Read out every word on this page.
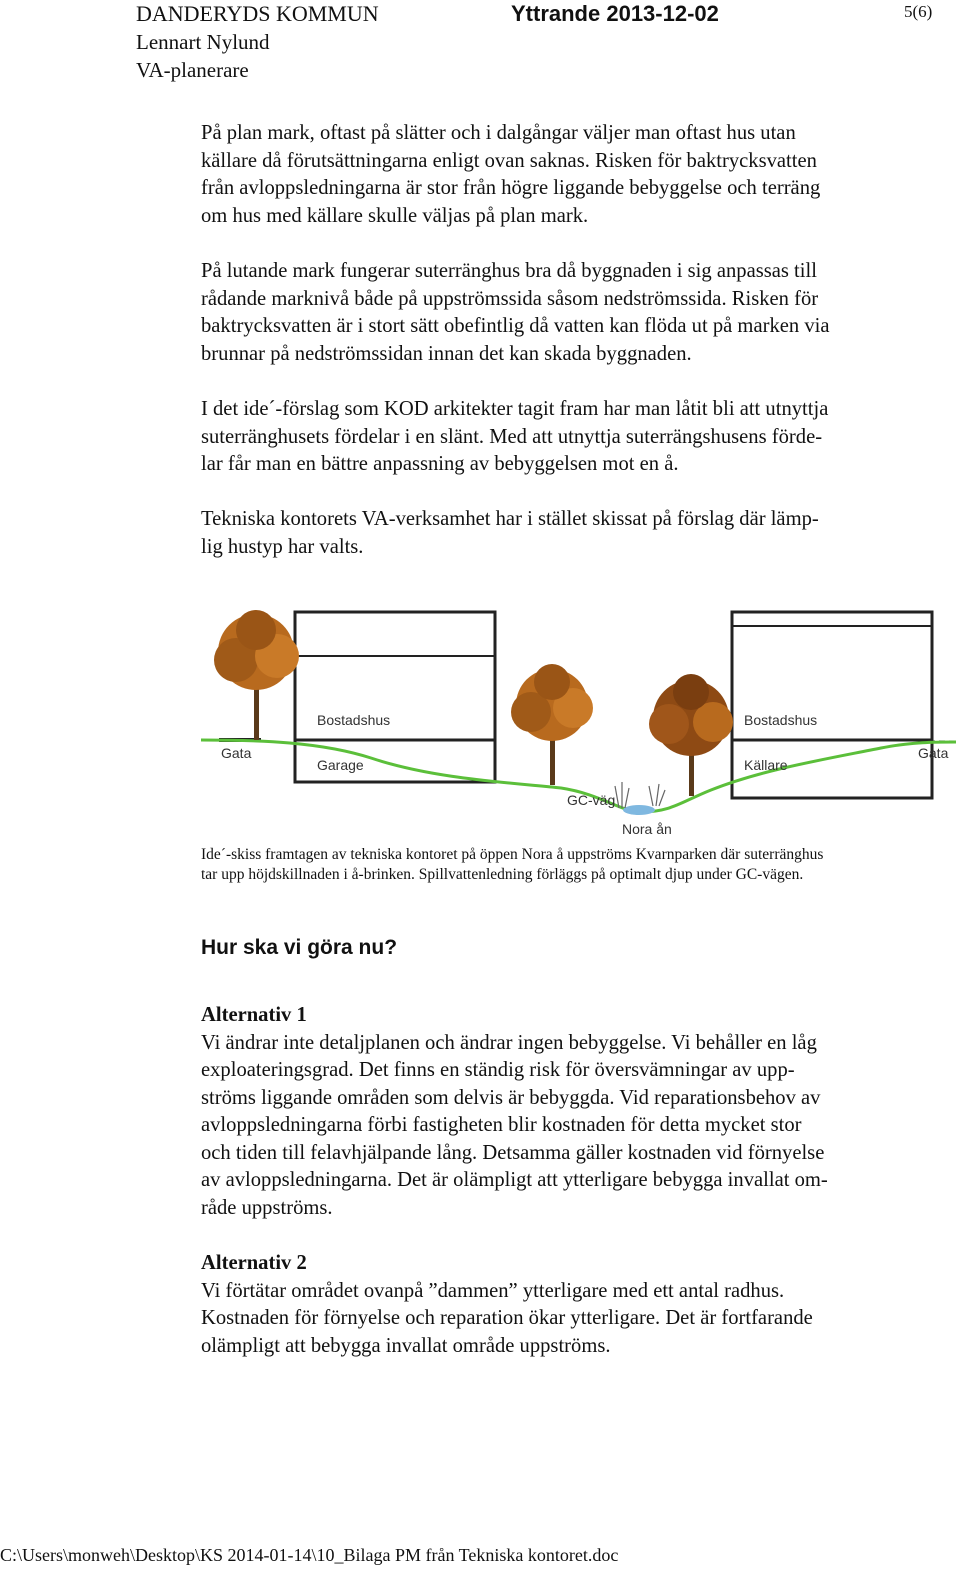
DANDERYDS KOMMUN
Lennart Nylund
VA-planerare
Yttrande 2013-12-02	5(6)

På plan mark, oftast på slätter och i dalgångar väljer man oftast hus utan

källare då förutsättningarna enligt ovan saknas. Risken för baktrycksvatten

från avloppsledningarna är stor från högre liggande bebyggelse och terräng

om hus med källare skulle väljas på plan mark.

På lutande mark fungerar suterränghus bra då byggnaden i sig anpassas till

rådande marknivå både på uppströmssida såsom nedströmssida. Risken för

baktrycksvatten är i stort sätt obefintlig då vatten kan flöda ut på marken via

brunnar på nedströmssidan innan det kan skada byggnaden.

I det ide´-förslag som KOD arkitekter tagit fram har man låtit bli att utnyttja

suterränghusets fördelar i en slänt. Med att utnyttja suterrängshusens förde-

lar får man en bättre anpassning av bebyggelsen mot en å.

Tekniska kontorets VA-verksamhet har i stället skissat på förslag där lämp-

lig hustyp har valts.

Bostadshus
Garage
Gata
GC-väg
Nora ån
Bostadshus
Källare
Gata

Ide´-skiss framtagen av tekniska kontoret på öppen Nora å uppströms Kvarnparken där suterränghus

tar upp höjdskillnaden i å-brinken. Spillvattenledning förläggs på optimalt djup under GC-vägen.

Hur ska vi göra nu?

Alternativ 1

Vi ändrar inte detaljplanen och ändrar ingen bebyggelse. Vi behåller en låg

exploateringsgrad. Det finns en ständig risk för översvämningar av upp-

ströms liggande områden som delvis är bebyggda. Vid reparationsbehov av

avloppsledningarna förbi fastigheten blir kostnaden för detta mycket stor

och tiden till felavhjälpande lång. Detsamma gäller kostnaden vid förnyelse

av avloppsledningarna. Det är olämpligt att ytterligare bebygga invallat om-

råde uppströms.

Alternativ 2

Vi förtätar området ovanpå ”dammen” ytterligare med ett antal radhus.

Kostnaden för förnyelse och reparation ökar ytterligare. Det är fortfarande

olämpligt att bebygga invallat område uppströms.

C:\Users\monweh\Desktop\KS 2014-01-14\10_Bilaga PM från Tekniska kontoret.doc
